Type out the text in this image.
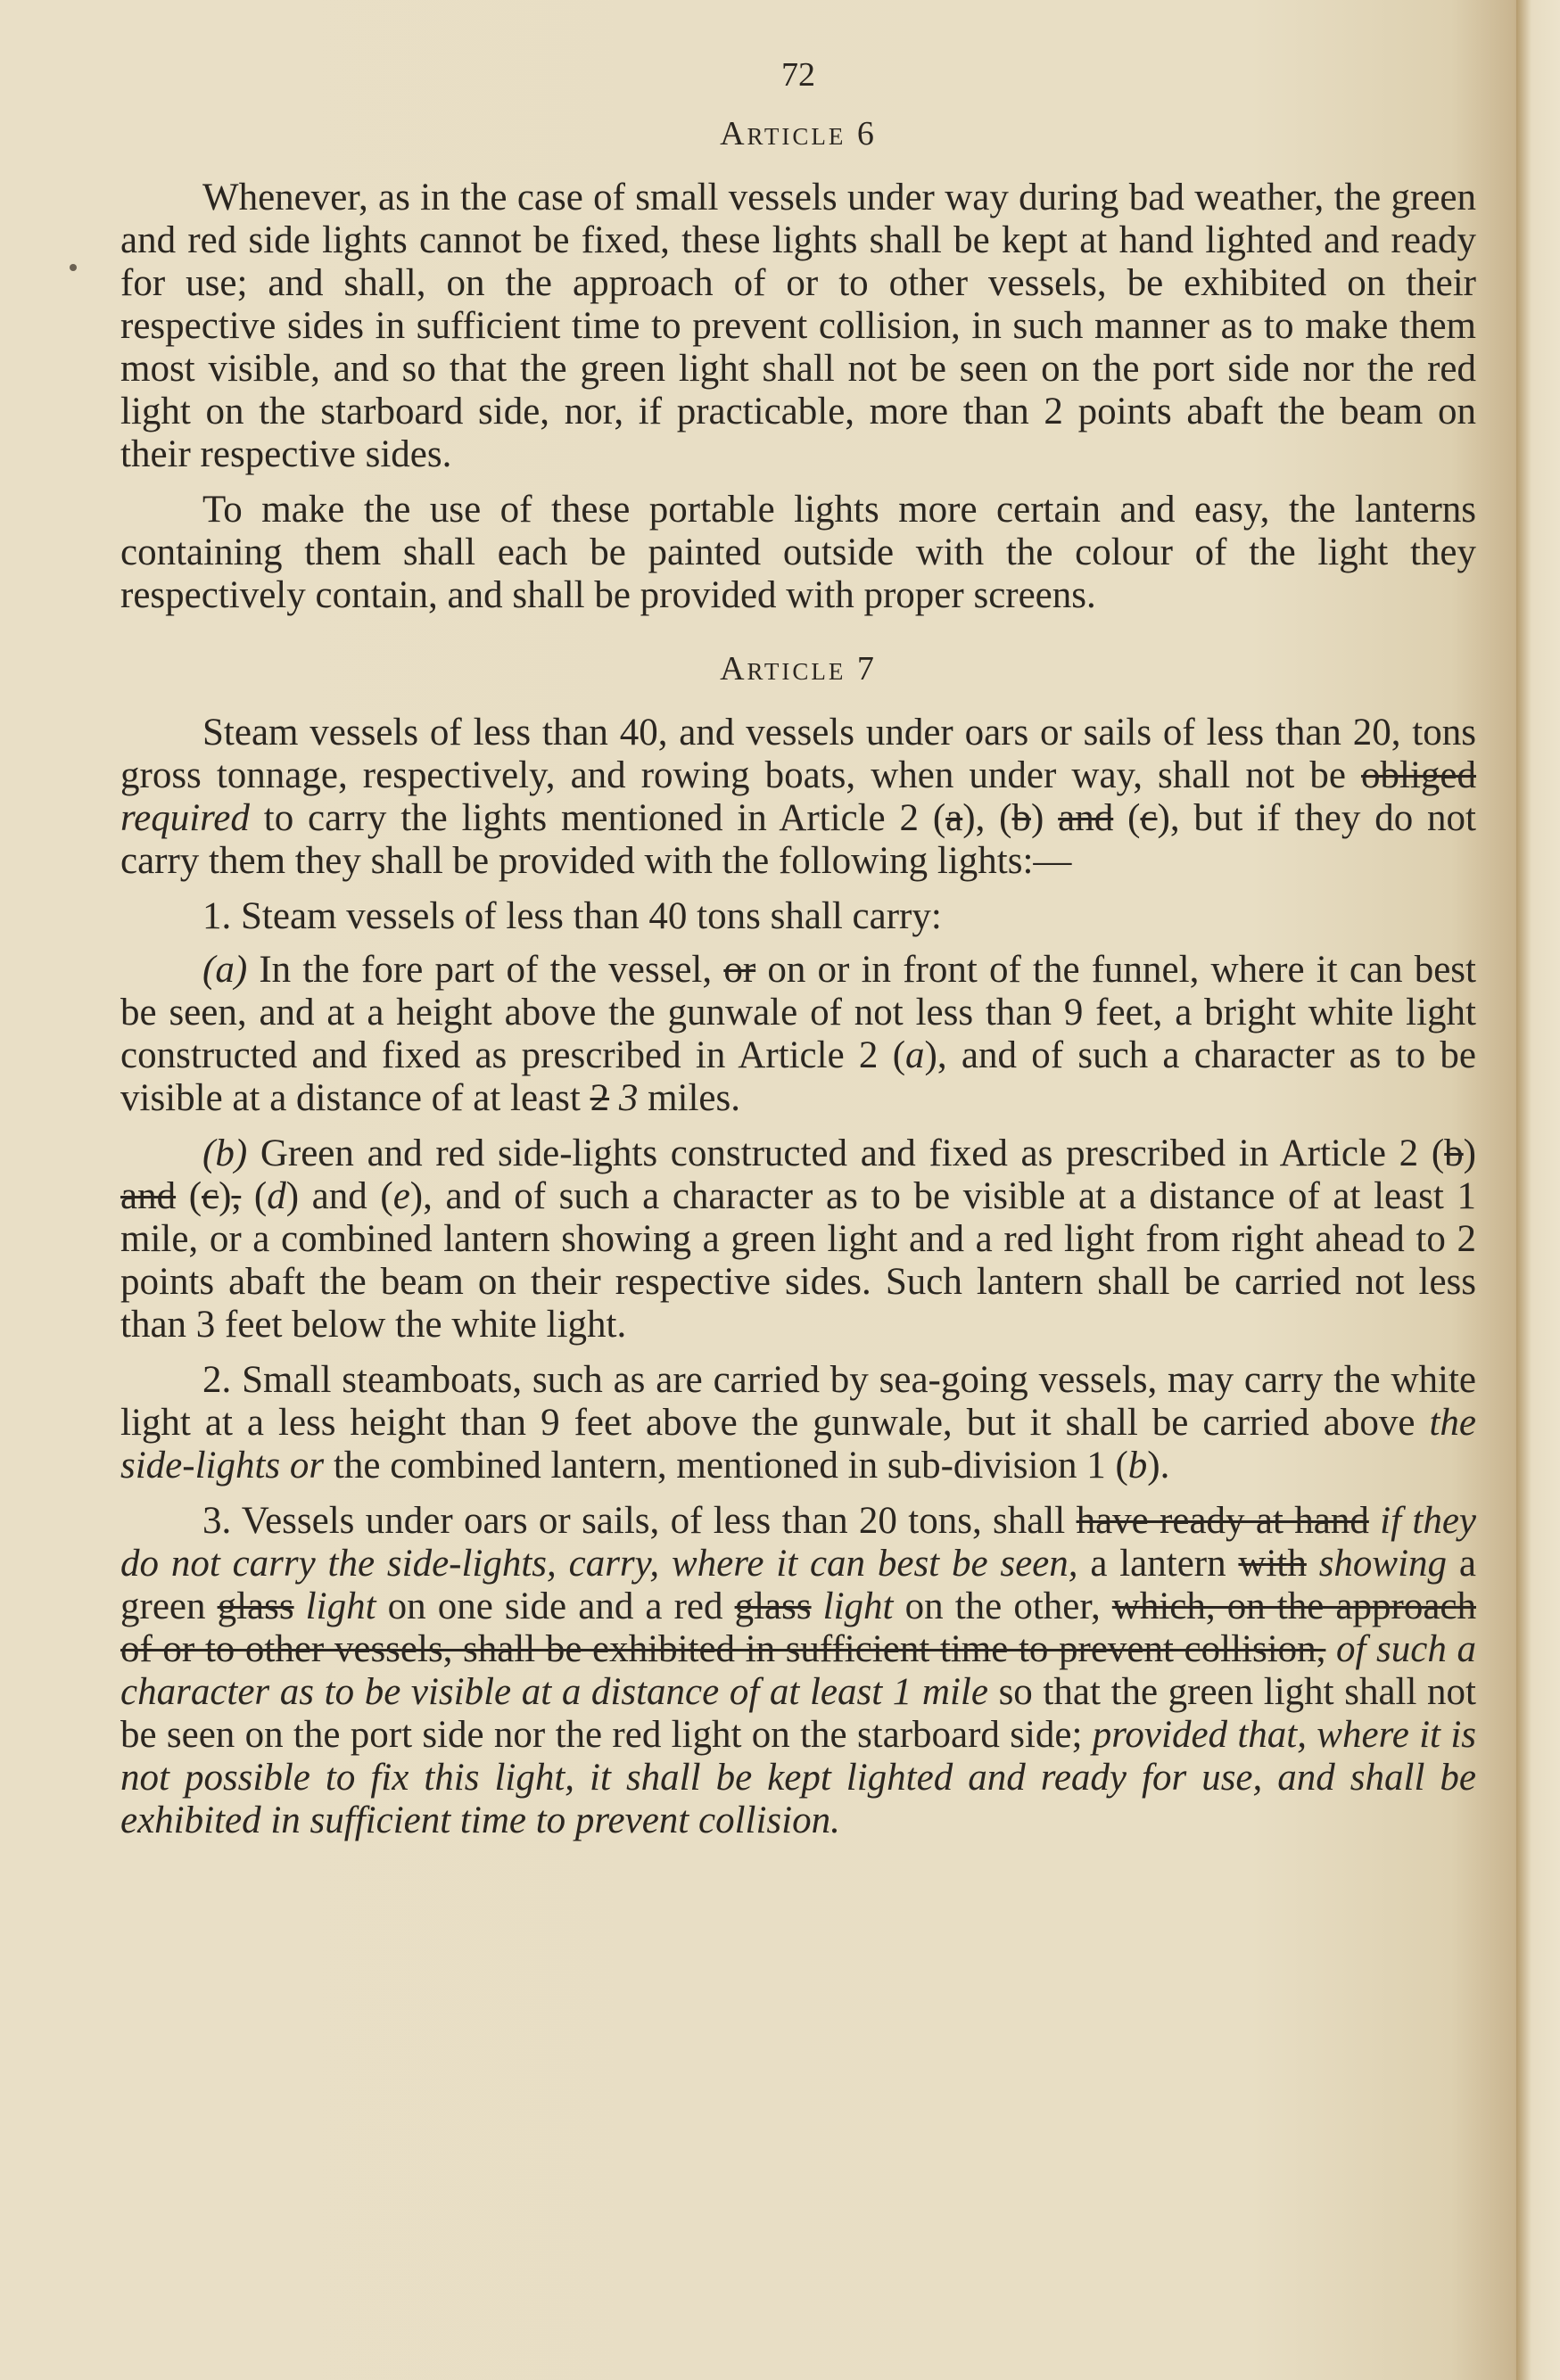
72
Article 6

Whenever, as in the case of small vessels under way during bad weather, the green and red side lights cannot be fixed, these lights shall be kept at hand lighted and ready for use; and shall, on the approach of or to other vessels, be exhibited on their respective sides in sufficient time to prevent collision, in such manner as to make them most visible, and so that the green light shall not be seen on the port side nor the red light on the starboard side, nor, if practicable, more than 2 points abaft the beam on their respective sides.

To make the use of these portable lights more certain and easy, the lanterns containing them shall each be painted outside with the colour of the light they respectively contain, and shall be provided with proper screens.

Article 7

Steam vessels of less than 40, and vessels under oars or sails of less than 20, tons gross tonnage, respectively, and rowing boats, when under way, shall not be obliged required to carry the lights mentioned in Article 2 (a), (b) and (c), but if they do not carry them they shall be provided with the following lights:—

1. Steam vessels of less than 40 tons shall carry:

(a) In the fore part of the vessel, or on or in front of the funnel, where it can best be seen, and at a height above the gunwale of not less than 9 feet, a bright white light constructed and fixed as prescribed in Article 2 (a), and of such a character as to be visible at a distance of at least 2 3 miles.

(b) Green and red side-lights constructed and fixed as prescribed in Article 2 (b) and (c), (d) and (e), and of such a character as to be visible at a distance of at least 1 mile, or a combined lantern showing a green light and a red light from right ahead to 2 points abaft the beam on their respective sides. Such lantern shall be carried not less than 3 feet below the white light.

2. Small steamboats, such as are carried by sea-going vessels, may carry the white light at a less height than 9 feet above the gunwale, but it shall be carried above the side-lights or the combined lantern, mentioned in sub-division 1 (b).

3. Vessels under oars or sails, of less than 20 tons, shall have ready at hand if they do not carry the side-lights, carry, where it can best be seen, a lantern with showing a green glass light on one side and a red glass light on the other, which, on the approach of or to other vessels, shall be exhibited in sufficient time to prevent collision, of such a character as to be visible at a distance of at least 1 mile so that the green light shall not be seen on the port side nor the red light on the starboard side; provided that, where it is not possible to fix this light, it shall be kept lighted and ready for use, and shall be exhibited in sufficient time to prevent collision.
